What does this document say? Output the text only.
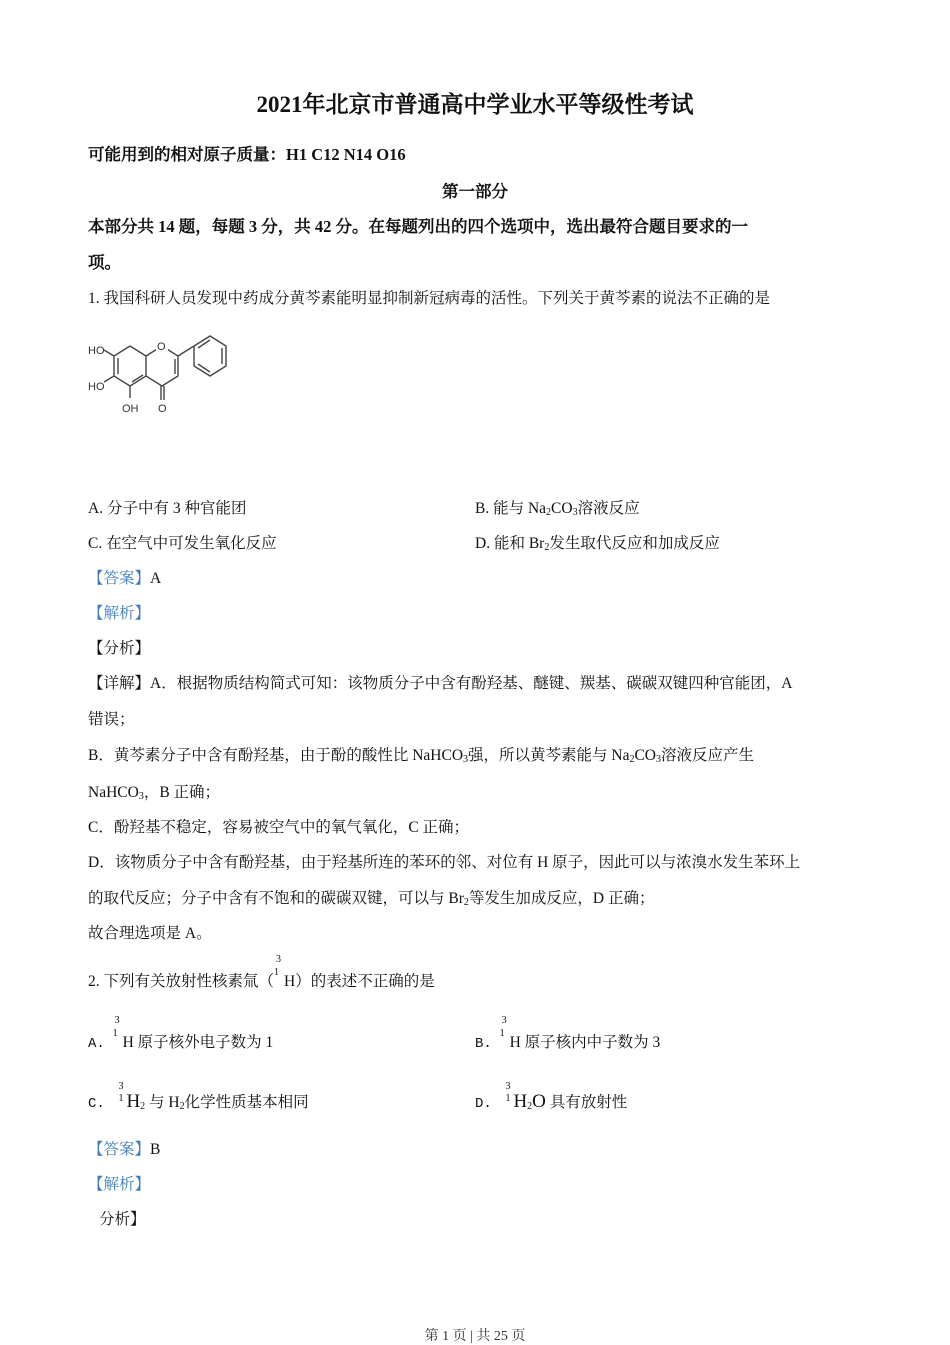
2021年北京市普通高中学业水平等级性考试
可能用到的相对原子质量：H1 C12 N14 O16
第一部分
本部分共 14 题，每题 3 分，共 42 分。在每题列出的四个选项中，选出最符合题目要求的一
项。
1. 我国科研人员发现中药成分黄芩素能明显抑制新冠病毒的活性。下列关于黄芩素的说法不正确的是
O
HO
HO
OH O
A. 分子中有 3 种官能团	B. 能与 $Na_2CO_3$溶液反应
C. 在空气中可发生氧化反应	D. 能和 $Br_2$发生取代反应和加成反应
【答案】A
【解析】
【分析】
【详解】A．根据物质结构简式可知：该物质分子中含有酚羟基、醚键、羰基、碳碳双键四种官能团，A
错误；
B．黄芩素分子中含有酚羟基，由于酚的酸性比 NaHCO$_3$强，所以黄芩素能与 $Na_2CO_3$溶液反应产生
NaHCO$_3$，B 正确；
C．酚羟基不稳定，容易被空气中的氧气氧化，C 正确；
D．该物质分子中含有酚羟基，由于羟基所连的苯环的邻、对位有 H 原子，因此可以与浓溴水发生苯环上
的取代反应；分子中含有不饱和的碳碳双键，可以与 $Br_2$等发生加成反应，D 正确；
故合理选项是 A。
2. 下列有关放射性核素氚（
3
1
H）的表述不正确的是
A.
3
1
H 原子核外电子数为 1	B.
3
1
H 原子核内中子数为 3
C.
3
1 $H_2$ 与 $H_2$化学性质基本相同	D.
3
1 $H_2O$ 具有放射性
【答案】B
【解析】
分析】
第 1 页 | 共 25 页
